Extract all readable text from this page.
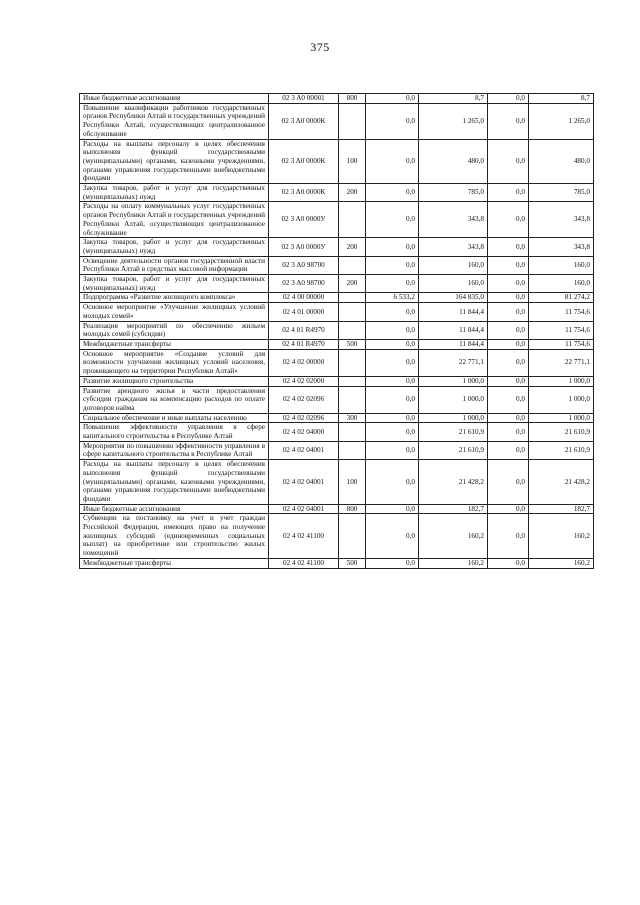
375
Иные бюджетные ассигнования	02 3 A0 00001	800	0,0	8,7	0,0	8,7
Повышение квалификации работников государственных органов Республики Алтай и государственных учреждений Республики Алтай, осуществляющих централизованное обслуживание	02 3 A0 0000К		0,0	1 265,0	0,0	1 265,0
Расходы на выплаты персоналу в целях обеспечения выполнения функций государственными (муниципальными) органами, казенными учреждениями, органами управления государственными внебюджетными фондами	02 3 A0 0000К	100	0,0	480,0	0,0	480,0
Закупка товаров, работ и услуг для государственных (муниципальных) нужд	02 3 A0 0000К	200	0,0	785,0	0,0	785,0
Расходы на оплату коммунальных услуг государственных органов Республики Алтай и государственных учреждений Республики Алтай, осуществляющих централизованное обслуживание	02 3 A0 0000У		0,0	343,8	0,0	343,8
Закупка товаров, работ и услуг для государственных (муниципальных) нужд	02 3 A0 0000У	200	0,0	343,8	0,0	343,8
Освещение деятельности органов государственной власти Республики Алтай в средствах массовой информации	02 3 A0 98700		0,0	160,0	0,0	160,0
Закупка товаров, работ и услуг для государственных (муниципальных) нужд	02 3 A0 98700	200	0,0	160,0	0,0	160,0
Подпрограмма «Развитие жилищного комплекса»	02 4 00 00000		6 533,2	164 835,0	0,0	81 274,2
Основное мероприятие «Улучшение жилищных условий молодых семей»	02 4 01 00000		0,0	11 844,4	0,0	11 754,6
Реализация мероприятий по обеспечению жильем молодых семей (субсидии)	02 4 01 R4970		0,0	11 844,4	0,0	11 754,6
Межбюджетные трансферты	02 4 01 R4970	500	0,0	11 844,4	0,0	11 754,6
Основное мероприятие «Создание условий для возможности улучшения жилищных условий населения, проживающего на территории Республики Алтай»	02 4 02 00000		0,0	22 771,1	0,0	22 771,1
Развитие жилищного строительства	02 4 02 02000		0,0	1 000,0	0,0	1 000,0
Развитие арендного жилья в части предоставления субсидии гражданам на компенсацию расходов по оплате договоров найма	02 4 02 02096		0,0	1 000,0	0,0	1 000,0
Социальное обеспечение и иные выплаты населению	02 4 02 02096	300	0,0	1 000,0	0,0	1 000,0
Повышение эффективности управления в сфере капитального строительства в Республике Алтай	02 4 02 04000		0,0	21 610,9	0,0	21 610,9
Мероприятия по повышению эффективности управления в сфере капитального строительства в Республике Алтай	02 4 02 04001		0,0	21 610,9	0,0	21 610,9
Расходы на выплаты персоналу в целях обеспечения выполнения функций государственными (муниципальными) органами, казенными учреждениями, органами управления государственными внебюджетными фондами	02 4 02 04001	100	0,0	21 428,2	0,0	21 428,2
Иные бюджетные ассигнования	02 4 02 04001	800	0,0	182,7	0,0	182,7
Субвенции на постановку на учет и учет граждан Российской Федерации, имеющих право на получение жилищных субсидий (единовременных социальных выплат) на приобретение или строительство жилых помещений	02 4 02 41100		0,0	160,2	0,0	160,2
Межбюджетные трансферты	02 4 02 41100	500	0,0	160,2	0,0	160,2
